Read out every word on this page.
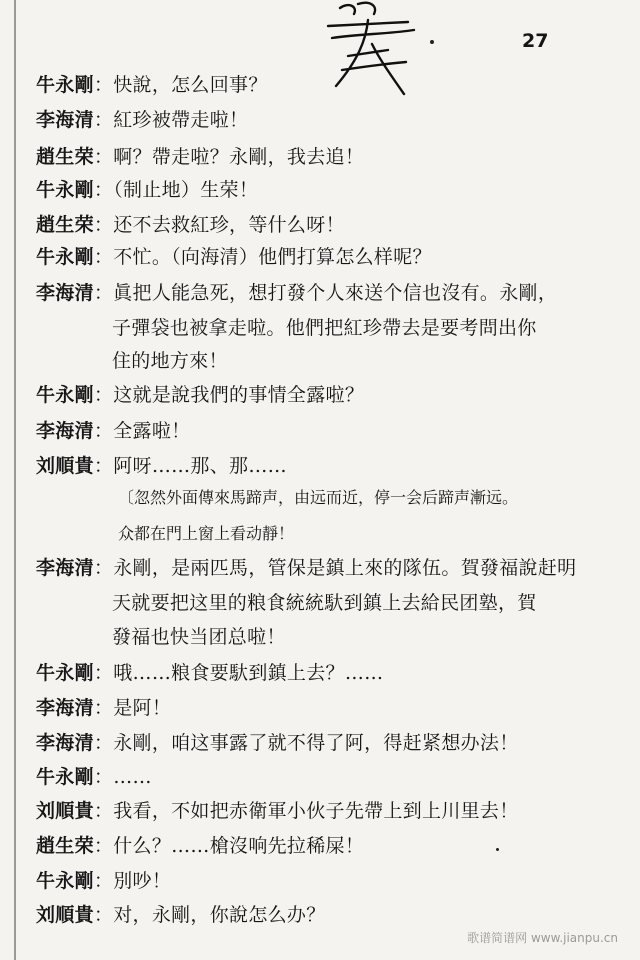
27
牛永剛：快說，怎么回事？
李海清：紅珍被帶走啦！
趙生荣：啊？帶走啦？永剛，我去追！
牛永剛：（制止地）生荣！
趙生荣：还不去救紅珍，等什么呀！
牛永剛：不忙。（向海清）他們打算怎么样呢？
李海清：眞把人能急死，想打發个人來送个信也沒有。永剛，
子彈袋也被拿走啦。他們把紅珍帶去是要考問出你
住的地方來！
牛永剛：这就是說我們的事情全露啦？
李海清：全露啦！
刘順貴：阿呀……那、那……
〔忽然外面傳來馬蹄声，由远而近，停一会后蹄声漸远。
众都在門上窗上看动靜！
李海清：永剛，是兩匹馬，管保是鎮上來的隊伍。賀發福說赶明
天就要把这里的粮食統統馱到鎮上去給民团塾，賀
發福也快当团总啦！
牛永剛：哦……粮食要馱到鎮上去？……
李海清：是阿！
李海清：永剛，咱这事露了就不得了阿，得赶紧想办法！
牛永剛：……
刘順貴：我看，不如把赤衛軍小伙子先帶上到上川里去！
趙生荣：什么？……槍沒响先拉稀屎！
牛永剛：別吵！
刘順貴：对，永剛，你說怎么办？
歌谱简谱网 www.jianpu.cn
